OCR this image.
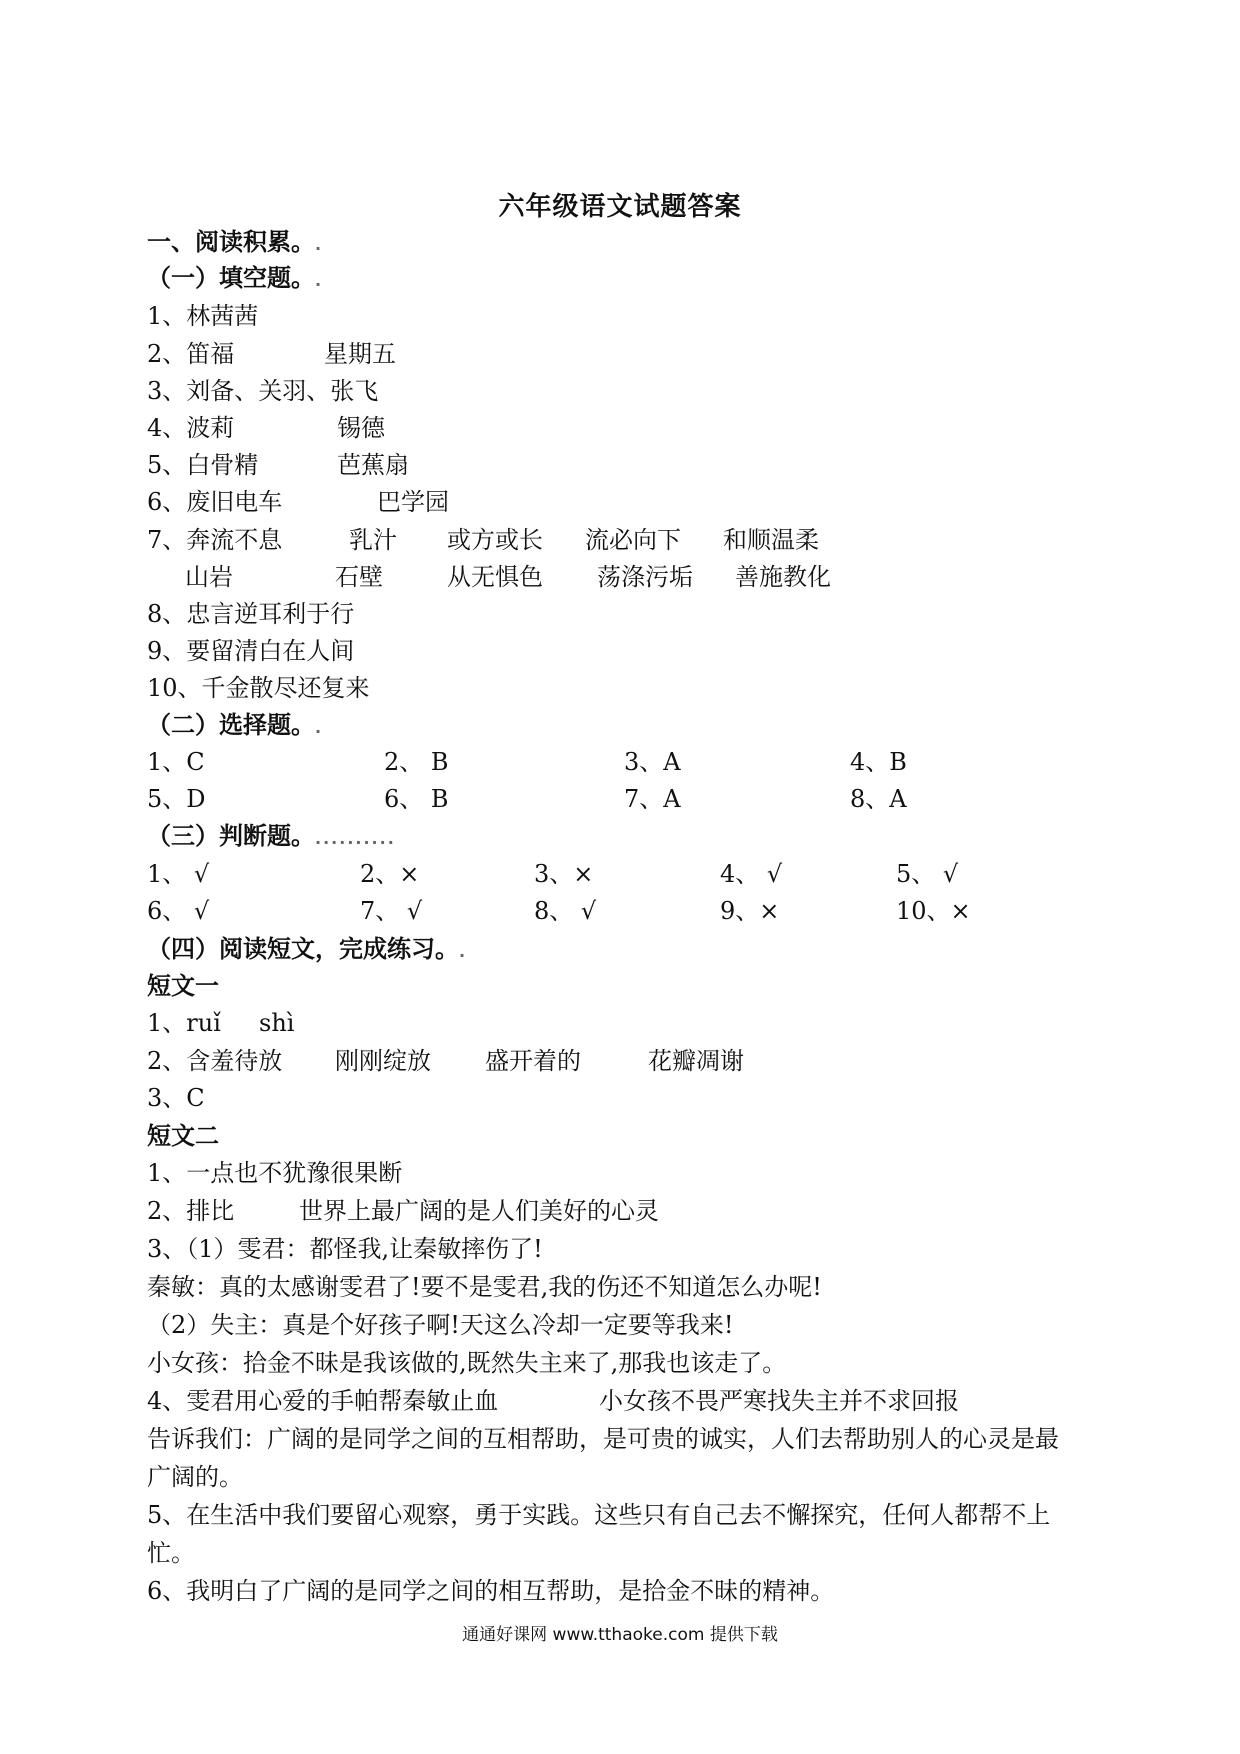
六年级语文试题答案
一、阅读积累。.
（一）填空题。.
1、林茜茜
2、笛福	星期五
3、刘备、关羽、张飞
4、波莉	锡德
5、白骨精	芭蕉扇
6、废旧电车	巴学园
7、奔流不息	乳汁 或方或长 流必向下 和顺温柔
山岩	石壁	从无惧色 荡涤污垢 善施教化
8、忠言逆耳利于行
9、要留清白在人间
10、千金散尽还复来
（二）选择题。.
1、C	2、 B	3、A	4、B
5、D	6、 B	7、A	8、A
（三）判断题。..........
1、 √	2、×	3、×	4、 √	5、 √
6、 √	7、 √	8、 √	9、×	10、×
（四）阅读短文，完成练习。.
短文一
1、ruǐ shì
2、含羞待放 刚刚绽放 盛开着的	花瓣凋谢
3、C
短文二
1、一点也不犹豫很果断
2、排比	世界上最广阔的是人们美好的心灵
3、（1）雯君：都怪我,让秦敏摔伤了!
秦敏：真的太感谢雯君了!要不是雯君,我的伤还不知道怎么办呢!
（2）失主：真是个好孩子啊!天这么冷却一定要等我来!
小女孩：拾金不昧是我该做的,既然失主来了,那我也该走了。
4、雯君用心爱的手帕帮秦敏止血	小女孩不畏严寒找失主并不求回报
告诉我们：广阔的是同学之间的互相帮助，是可贵的诚实，人们去帮助别人的心灵是最
广阔的。
5、在生活中我们要留心观察，勇于实践。这些只有自己去不懈探究，任何人都帮不上
忙。
6、我明白了广阔的是同学之间的相互帮助，是拾金不昧的精神。
通通好课网 www.tthaoke.com 提供下载
